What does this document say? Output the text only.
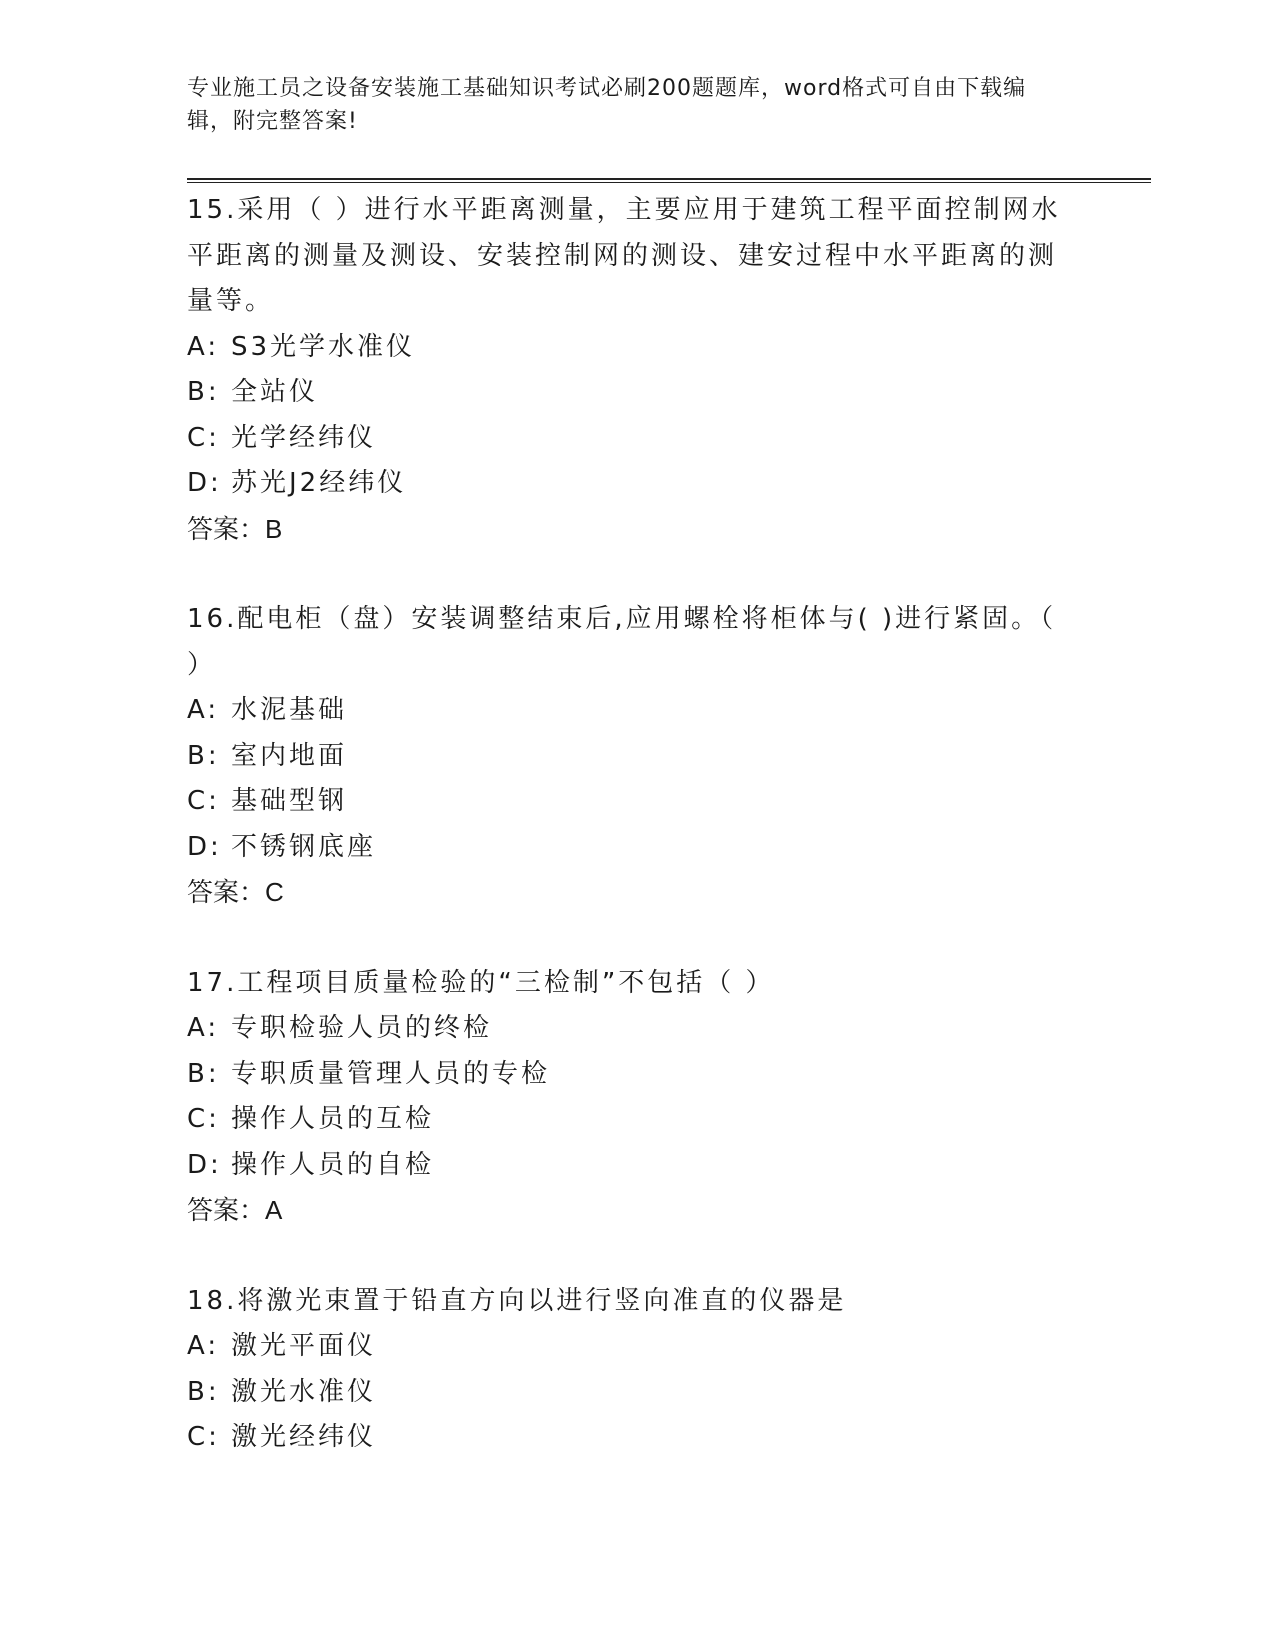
专业施工员之设备安装施工基础知识考试必刷200题题库，word格式可自由下载编辑，附完整答案!

15.采用（ ）进行水平距离测量，主要应用于建筑工程平面控制网水平距离的测量及测设、安装控制网的测设、建安过程中水平距离的测量等。

A: S3光学水准仪

B: 全站仪

C: 光学经纬仪

D: 苏光J2经纬仪

答案：B

16.配电柜（盘）安装调整结束后,应用螺栓将柜体与( )进行紧固。（ ）

A: 水泥基础

B: 室内地面

C: 基础型钢

D: 不锈钢底座

答案：C

17.工程项目质量检验的“三检制”不包括（ ）

A: 专职检验人员的终检

B: 专职质量管理人员的专检

C: 操作人员的互检

D: 操作人员的自检

答案：A

18.将激光束置于铅直方向以进行竖向准直的仪器是

A: 激光平面仪

B: 激光水准仪

C: 激光经纬仪
